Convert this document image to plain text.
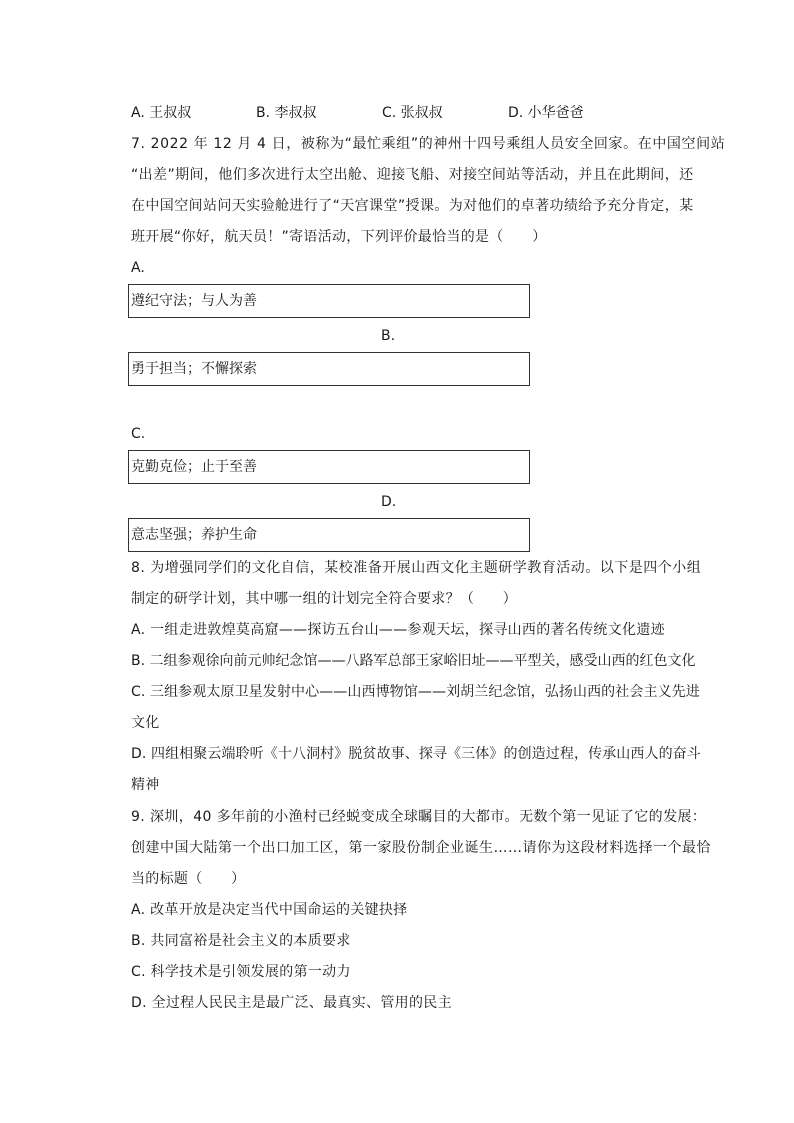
A. 王叔叔	B. 李叔叔	C. 张叔叔	D. 小华爸爸
7. 2022 年 12 月 4 日，被称为“最忙乘组”的神州十四号乘组人员安全回家。在中国空间站
“出差”期间，他们多次进行太空出舱、迎接飞船、对接空间站等活动，并且在此期间，还
在中国空间站问天实验舱进行了“天宫课堂”授课。为对他们的卓著功绩给予充分肯定，某
班开展“你好，航天员！”寄语活动，下列评价最恰当的是（　　）
A.
遵纪守法；与人为善
B.
勇于担当；不懈探索
C.
克勤克俭；止于至善
D.
意志坚强；养护生命
8. 为增强同学们的文化自信，某校准备开展山西文化主题研学教育活动。以下是四个小组
制定的研学计划，其中哪一组的计划完全符合要求？（　　）
A. 一组走进敦煌莫高窟——探访五台山——参观天坛，探寻山西的著名传统文化遗迹
B. 二组参观徐向前元帅纪念馆——八路军总部王家峪旧址——平型关，感受山西的红色文化
C. 三组参观太原卫星发射中心——山西博物馆——刘胡兰纪念馆，弘扬山西的社会主义先进
文化
D. 四组相聚云端聆听《十八洞村》脱贫故事、探寻《三体》的创造过程，传承山西人的奋斗
精神
9. 深圳，40 多年前的小渔村已经蜕变成全球瞩目的大都市。无数个第一见证了它的发展：
创建中国大陆第一个出口加工区，第一家股份制企业诞生……请你为这段材料选择一个最恰
当的标题（　　）
A. 改革开放是决定当代中国命运的关键抉择
B. 共同富裕是社会主义的本质要求
C. 科学技术是引领发展的第一动力
D. 全过程人民民主是最广泛、最真实、管用的民主
